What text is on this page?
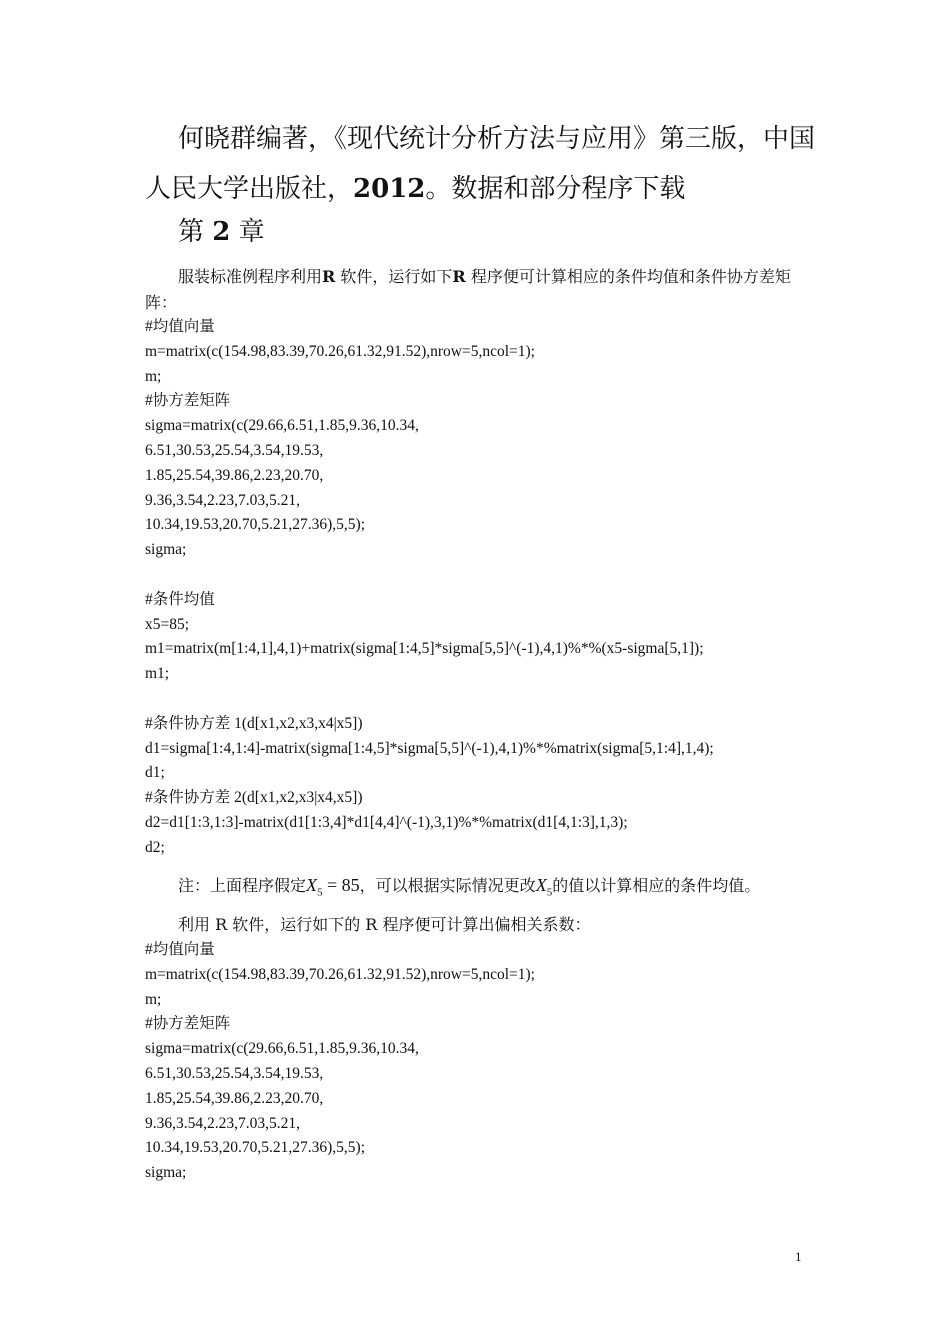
何晓群编著，《现代统计分析方法与应用》第三版，中国人民大学出版社，2012。数据和部分程序下载
第 2 章
服装标准例程序利用R 软件，运行如下R 程序便可计算相应的条件均值和条件协方差矩阵：
#均值向量
m=matrix(c(154.98,83.39,70.26,61.32,91.52),nrow=5,ncol=1);
m;
#协方差矩阵
sigma=matrix(c(29.66,6.51,1.85,9.36,10.34,
6.51,30.53,25.54,3.54,19.53,
1.85,25.54,39.86,2.23,20.70,
9.36,3.54,2.23,7.03,5.21,
10.34,19.53,20.70,5.21,27.36),5,5);
sigma;
#条件均值
x5=85;
m1=matrix(m[1:4,1],4,1)+matrix(sigma[1:4,5]*sigma[5,5]^(-1),4,1)%*%(x5-sigma[5,1]);
m1;
#条件协方差 1(d[x1,x2,x3,x4|x5])
d1=sigma[1:4,1:4]-matrix(sigma[1:4,5]*sigma[5,5]^(-1),4,1)%*%matrix(sigma[5,1:4],1,4);
d1;
#条件协方差 2(d[x1,x2,x3|x4,x5])
d2=d1[1:3,1:3]-matrix(d1[1:3,4]*d1[4,4]^(-1),3,1)%*%matrix(d1[4,1:3],1,3);
d2;
注：上面程序假定$X_5 = 85$，可以根据实际情况更改$X_5$的值以计算相应的条件均值。
利用 R 软件，运行如下的 R 程序便可计算出偏相关系数：
#均值向量
m=matrix(c(154.98,83.39,70.26,61.32,91.52),nrow=5,ncol=1);
m;
#协方差矩阵
sigma=matrix(c(29.66,6.51,1.85,9.36,10.34,
6.51,30.53,25.54,3.54,19.53,
1.85,25.54,39.86,2.23,20.70,
9.36,3.54,2.23,7.03,5.21,
10.34,19.53,20.70,5.21,27.36),5,5);
sigma;
1
